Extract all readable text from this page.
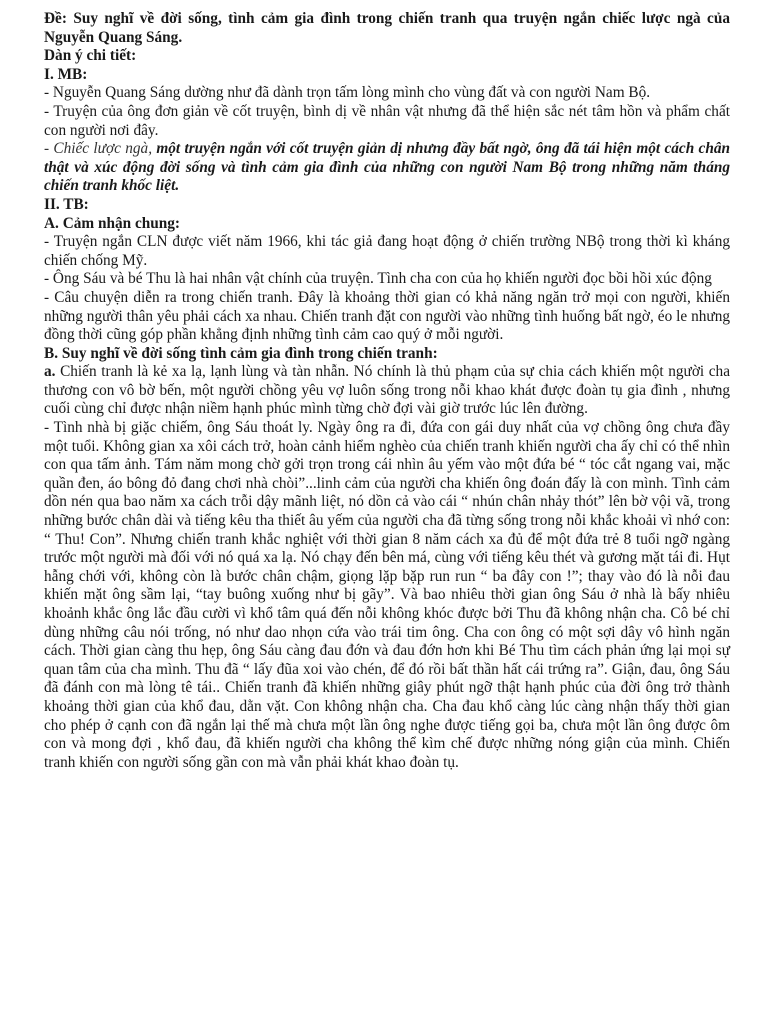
Đề: Suy nghĩ về đời sống, tình cảm gia đình trong chiến tranh qua truyện ngắn chiếc lược ngà của Nguyễn Quang Sáng.

Dàn ý chi tiết:

I. MB:

- Nguyễn Quang Sáng dường như đã dành trọn tấm lòng mình cho vùng đất và con người Nam Bộ.

- Truyện của ông đơn giản về cốt truyện, bình dị về nhân vật nhưng đã thể hiện sắc nét tâm hồn và phẩm chất con người nơi đây.

- Chiếc lược ngà, một truyện ngắn với cốt truyện giản dị nhưng đầy bất ngờ, ông đã tái hiện một cách chân thật và xúc động đời sống và tình cảm gia đình của những con người Nam Bộ trong những năm tháng chiến tranh khốc liệt.

II. TB:

A. Cảm nhận chung:

- Truyện ngắn CLN được viết năm 1966, khi tác giả đang hoạt động ở chiến trường NBộ trong thời kì kháng chiến chống Mỹ.

- Ông Sáu và bé Thu là hai nhân vật chính của truyện. Tình cha con của họ khiến người đọc bồi hồi xúc động

- Câu chuyện diễn ra trong chiến tranh. Đây là khoảng thời gian có khả năng ngăn trở mọi con người, khiến những người thân yêu phải cách xa nhau. Chiến tranh đặt con người vào những tình huống bất ngờ, éo le nhưng đồng thời cũng góp phần khẳng định những tình cảm cao quý ở mỗi người.

B. Suy nghĩ về đời sống tình cảm gia đình trong chiến tranh:

a. Chiến tranh là kẻ xa lạ, lạnh lùng và tàn nhẫn. Nó chính là thủ phạm của sự chia cách khiến một người cha thương con vô bờ bến, một người chồng yêu vợ luôn sống trong nỗi khao khát được đoàn tụ gia đình , nhưng cuối cùng chỉ được nhận niềm hạnh phúc mình từng chờ đợi vài giờ trước lúc lên đường.

- Tình nhà bị giặc chiếm, ông Sáu thoát ly. Ngày ông ra đi, đứa con gái duy nhất của vợ chồng ông chưa đầy một tuổi. Không gian xa xôi cách trở, hoàn cảnh hiểm nghèo của chiến tranh khiến người cha ấy chỉ có thể nhìn con qua tấm ảnh. Tám năm mong chờ gởi trọn trong cái nhìn âu yếm vào một đứa bé “ tóc cắt ngang vai, mặc quần đen, áo bông đỏ đang chơi nhà chòi”...linh cảm của người cha khiến ông đoán đấy là con mình. Tình cảm dồn nén qua bao năm xa cách trỗi dậy mãnh liệt, nó dồn cả vào cái “ nhún chân nhảy thót” lên bờ vội vã, trong những bước chân dài và tiếng kêu tha thiết âu yếm của người cha đã từng sống trong nỗi khắc khoải vì nhớ con: “ Thu! Con”. Nhưng chiến tranh khắc nghiệt với thời gian 8 năm cách xa đủ để một đứa trẻ 8 tuổi ngỡ ngàng trước một người mà đối với nó quá xa lạ. Nó chạy đến bên má, cùng với tiếng kêu thét và gương mặt tái đi. Hụt hẫng chới với, không còn là bước chân chậm, giọng lặp bặp run run “ ba đây con !”; thay vào đó là nỗi đau khiến mặt ông sầm lại, “tay buông xuống như bị gãy”. Và bao nhiêu thời gian ông Sáu ở nhà là bấy nhiêu khoảnh khắc ông lắc đầu cười vì khổ tâm quá đến nỗi không khóc được bởi Thu đã không nhận cha. Cô bé chỉ dùng những câu nói trống, nó như dao nhọn cứa vào trái tim ông. Cha con ông có một sợi dây vô hình ngăn cách. Thời gian càng thu hẹp, ông Sáu càng đau đớn và đau đớn hơn khi Bé Thu tìm cách phản ứng lại mọi sự quan tâm của cha mình. Thu đã “ lấy đũa xoi vào chén, để đó rồi bất thần hất cái trứng ra”. Giận, đau, ông Sáu đã đánh con mà lòng tê tái.. Chiến tranh đã khiến những giây phút ngỡ thật hạnh phúc của đời ông trở thành khoảng thời gian của khổ đau, dằn vặt. Con không nhận cha. Cha đau khổ càng lúc càng nhận thấy thời gian cho phép ở cạnh con đã ngắn lại thế mà chưa một lần ông nghe được tiếng gọi ba, chưa một lần ông được ôm con và mong đợi , khổ đau, đã khiến người cha không thể kìm chế được những nóng giận của mình. Chiến tranh khiến con người sống gần con mà vẫn phải khát khao đoàn tụ.
